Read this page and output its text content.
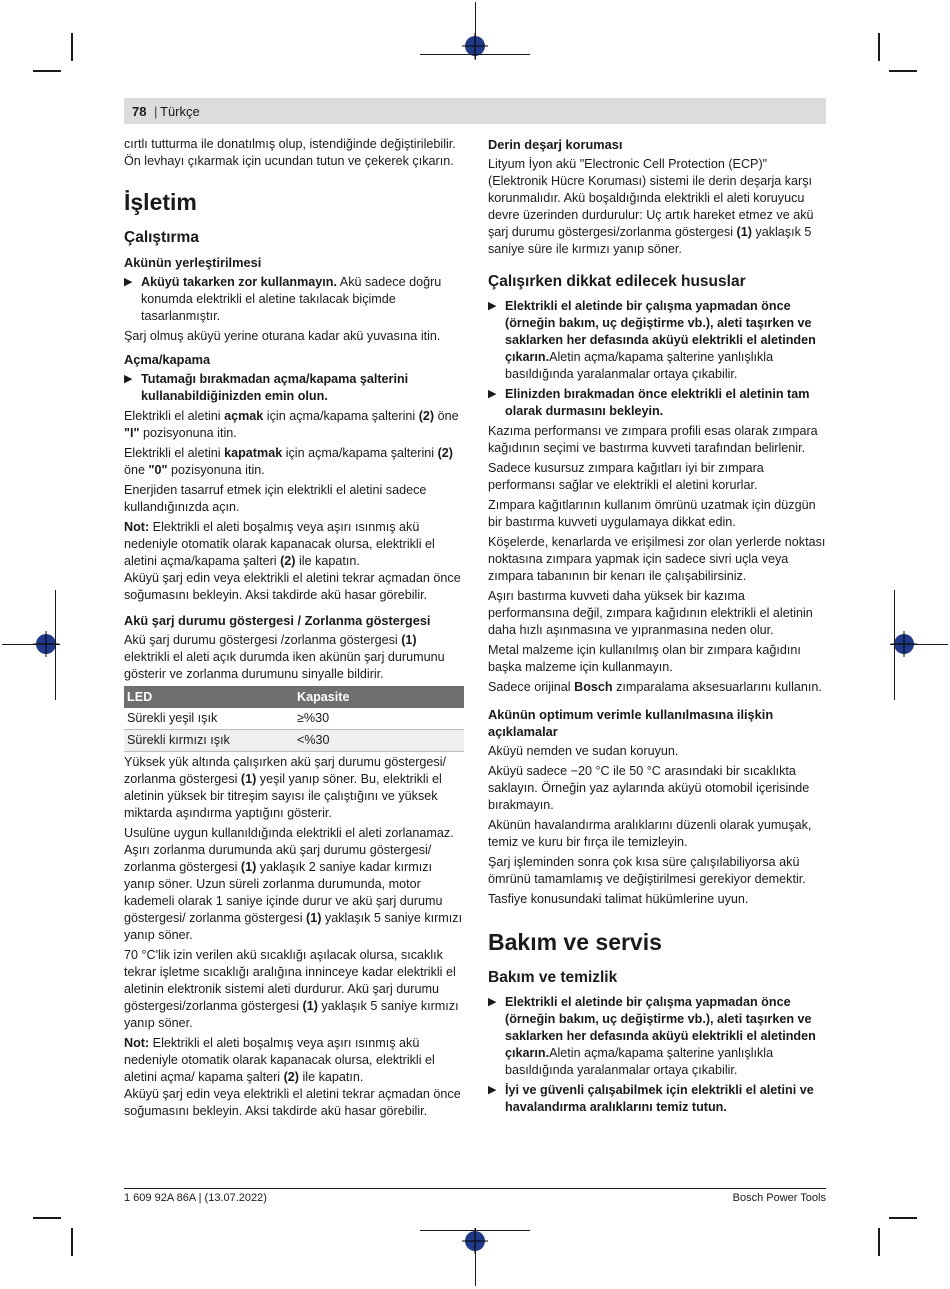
78 | Türkçe

cırtlı tutturma ile donatılmış olup, istendiğinde değiştirilebilir. Ön levhayı çıkarmak için ucundan tutun ve çekerek çıkarın.

İşletim
Çalıştırma
Akünün yerleştirilmesi
▶ Aküyü takarken zor kullanmayın. Akü sadece doğru konumda elektrikli el aletine takılacak biçimde tasarlanmıştır.

Şarj olmuş aküyü yerine oturana kadar akü yuvasına itin.

Açma/kapama
▶ Tutamağı bırakmadan açma/kapama şalterini kullanabildiğinizden emin olun.

Elektrikli el aletini açmak için açma/kapama şalterini (2) öne "I" pozisyonuna itin.

Elektrikli el aletini kapatmak için açma/kapama şalterini (2) öne "0" pozisyonuna itin.

Enerjiden tasarruf etmek için elektrikli el aletini sadece kullandığınızda açın.

Not: Elektrikli el aleti boşalmış veya aşırı ısınmış akü nedeniyle otomatik olarak kapanacak olursa, elektrikli el aletini açma/kapama şalteri (2) ile kapatın.

Aküyü şarj edin veya elektrikli el aletini tekrar açmadan önce soğumasını bekleyin. Aksi takdirde akü hasar görebilir.

Akü şarj durumu göstergesi / Zorlanma göstergesi

Akü şarj durumu göstergesi /zorlanma göstergesi (1) elektrikli el aleti açık durumda iken akünün şarj durumunu gösterir ve zorlanma durumunu sinyalle bildirir.

LED	Kapasite
Sürekli yeşil ışık	≥%30
Sürekli kırmızı ışık	<%30

Yüksek yük altında çalışırken akü şarj durumu göstergesi/ zorlanma göstergesi (1) yeşil yanıp söner. Bu, elektrikli el aletinin yüksek bir titreşim sayısı ile çalıştığını ve yüksek miktarda aşındırma yaptığını gösterir.

Usulüne uygun kullanıldığında elektrikli el aleti zorlanamaz. Aşırı zorlanma durumunda akü şarj durumu göstergesi/ zorlanma göstergesi (1) yaklaşık 2 saniye kadar kırmızı yanıp söner. Uzun süreli zorlanma durumunda, motor kademeli olarak 1 saniye içinde durur ve akü şarj durumu göstergesi/ zorlanma göstergesi (1) yaklaşık 5 saniye kırmızı yanıp söner.

70 °C'lik izin verilen akü sıcaklığı aşılacak olursa, sıcaklık tekrar işletme sıcaklığı aralığına inninceye kadar elektrikli el aletinin elektronik sistemi aleti durdurur. Akü şarj durumu göstergesi/zorlanma göstergesi (1) yaklaşık 5 saniye kırmızı yanıp söner.

Not: Elektrikli el aleti boşalmış veya aşırı ısınmış akü nedeniyle otomatik olarak kapanacak olursa, elektrikli el aletini açma/ kapama şalteri (2) ile kapatın.

Aküyü şarj edin veya elektrikli el aletini tekrar açmadan önce soğumasını bekleyin. Aksi takdirde akü hasar görebilir.

Derin deşarj koruması

Lityum İyon akü "Electronic Cell Protection (ECP)" (Elektronik Hücre Koruması) sistemi ile derin deşarja karşı korunmalıdır. Akü boşaldığında elektrikli el aleti koruyucu devre üzerinden durdurulur: Uç artık hareket etmez ve akü şarj durumu göstergesi/zorlanma göstergesi (1) yaklaşık 5 saniye süre ile kırmızı yanıp söner.

Çalışırken dikkat edilecek hususlar
▶ Elektrikli el aletinde bir çalışma yapmadan önce (örneğin bakım, uç değiştirme vb.), aleti taşırken ve saklarken her defasında aküyü elektrikli el aletinden çıkarın.Aletin açma/kapama şalterine yanlışlıkla basıldığında yaralanmalar ortaya çıkabilir.
▶ Elinizden bırakmadan önce elektrikli el aletinin tam olarak durmasını bekleyin.

Kazıma performansı ve zımpara profili esas olarak zımpara kağıdının seçimi ve bastırma kuvveti tarafından belirlenir.

Sadece kusursuz zımpara kağıtları iyi bir zımpara performansı sağlar ve elektrikli el aletini korurlar.

Zımpara kağıtlarının kullanım ömrünü uzatmak için düzgün bir bastırma kuvveti uygulamaya dikkat edin.

Köşelerde, kenarlarda ve erişilmesi zor olan yerlerde noktası noktasına zımpara yapmak için sadece sivri uçla veya zımpara tabanının bir kenarı ile çalışabilirsiniz.

Aşırı bastırma kuvveti daha yüksek bir kazıma performansına değil, zımpara kağıdının elektrikli el aletinin daha hızlı aşınmasına ve yıpranmasına neden olur.

Metal malzeme için kullanılmış olan bir zımpara kağıdını başka malzeme için kullanmayın.

Sadece orijinal Bosch zımparalama aksesuarlarını kullanın.

Akünün optimum verimle kullanılmasına ilişkin açıklamalar

Aküyü nemden ve sudan koruyun.

Aküyü sadece −20 °C ile 50 °C arasındaki bir sıcaklıkta saklayın. Örneğin yaz aylarında aküyü otomobil içerisinde bırakmayın.

Akünün havalandırma aralıklarını düzenli olarak yumuşak, temiz ve kuru bir fırça ile temizleyin.

Şarj işleminden sonra çok kısa süre çalışılabiliyorsa akü ömrünü tamamlamış ve değiştirilmesi gerekiyor demektir.

Tasfiye konusundaki talimat hükümlerine uyun.

Bakım ve servis
Bakım ve temizlik
▶ Elektrikli el aletinde bir çalışma yapmadan önce (örneğin bakım, uç değiştirme vb.), aleti taşırken ve saklarken her defasında aküyü elektrikli el aletinden çıkarın.Aletin açma/kapama şalterine yanlışlıkla basıldığında yaralanmalar ortaya çıkabilir.
▶ İyi ve güvenli çalışabilmek için elektrikli el aletini ve havalandırma aralıklarını temiz tutun.
1 609 92A 86A | (13.07.2022)	Bosch Power Tools
